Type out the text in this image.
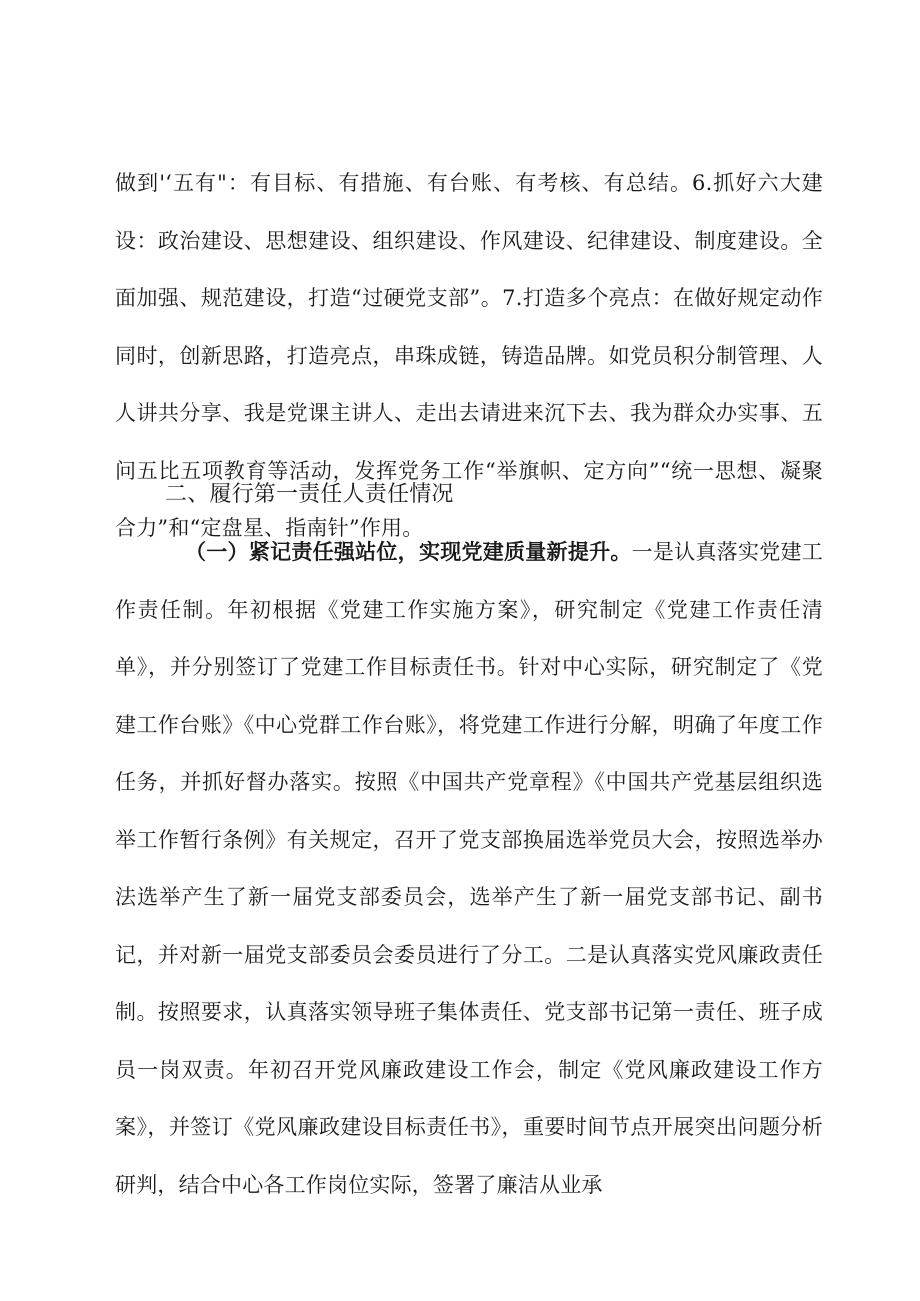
做到'‘五有"：有目标、有措施、有台账、有考核、有总结。6.抓好六大建设：政治建设、思想建设、组织建设、作风建设、纪律建设、制度建设。全面加强、规范建设，打造“过硬党支部”。7.打造多个亮点：在做好规定动作同时，创新思路，打造亮点，串珠成链，铸造品牌。如党员积分制管理、人人讲共分享、我是党课主讲人、走出去请进来沉下去、我为群众办实事、五问五比五项教育等活动，发挥党务工作“举旗帜、定方向”“统一思想、凝聚合力”和“定盘星、指南针”作用。

二、履行第一责任人责任情况

（一）紧记责任强站位，实现党建质量新提升。一是认真落实党建工作责任制。年初根据《党建工作实施方案》，研究制定《党建工作责任清单》，并分别签订了党建工作目标责任书。针对中心实际，研究制定了《党建工作台账》《中心党群工作台账》，将党建工作进行分解，明确了年度工作任务，并抓好督办落实。按照《中国共产党章程》《中国共产党基层组织选举工作暂行条例》有关规定，召开了党支部换届选举党员大会，按照选举办法选举产生了新一届党支部委员会，选举产生了新一届党支部书记、副书记，并对新一届党支部委员会委员进行了分工。二是认真落实党风廉政责任制。按照要求，认真落实领导班子集体责任、党支部书记第一责任、班子成员一岗双责。年初召开党风廉政建设工作会，制定《党风廉政建设工作方案》，并签订《党风廉政建设目标责任书》，重要时间节点开展突出问题分析研判，结合中心各工作岗位实际，签署了廉洁从业承
